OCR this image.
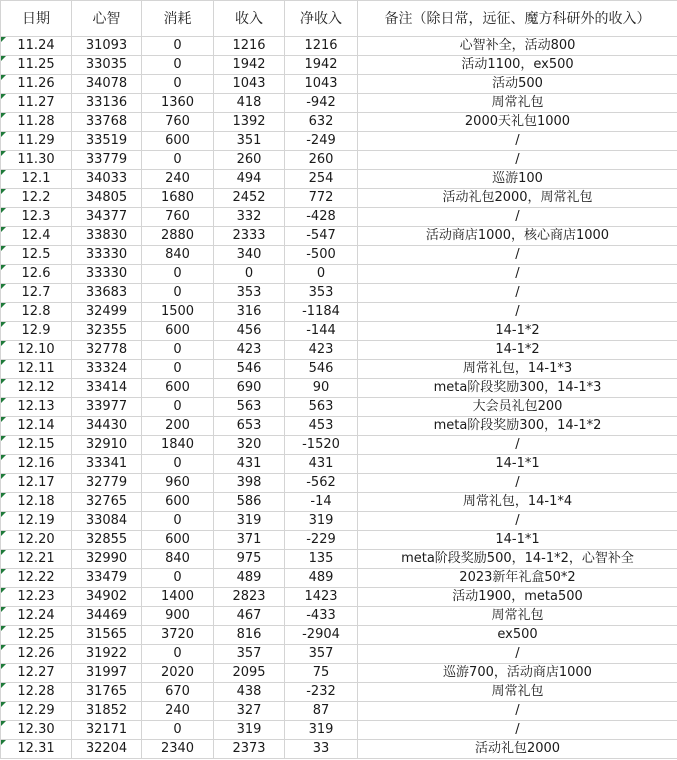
日期	心智	消耗	收入	净收入	备注（除日常，远征、魔方科研外的收入）
11.24	31093	0	1216	1216	心智补全，活动800
11.25	33035	0	1942	1942	活动1100，ex500
11.26	34078	0	1043	1043	活动500
11.27	33136	1360	418	-942	周常礼包
11.28	33768	760	1392	632	2000天礼包1000
11.29	33519	600	351	-249	/
11.30	33779	0	260	260	/
12.1	34033	240	494	254	巡游100
12.2	34805	1680	2452	772	活动礼包2000，周常礼包
12.3	34377	760	332	-428	/
12.4	33830	2880	2333	-547	活动商店1000，核心商店1000
12.5	33330	840	340	-500	/
12.6	33330	0	0	0	/
12.7	33683	0	353	353	/
12.8	32499	1500	316	-1184	/
12.9	32355	600	456	-144	14-1*2
12.10	32778	0	423	423	14-1*2
12.11	33324	0	546	546	周常礼包，14-1*3
12.12	33414	600	690	90	meta阶段奖励300，14-1*3
12.13	33977	0	563	563	大会员礼包200
12.14	34430	200	653	453	meta阶段奖励300，14-1*2
12.15	32910	1840	320	-1520	/
12.16	33341	0	431	431	14-1*1
12.17	32779	960	398	-562	/
12.18	32765	600	586	-14	周常礼包，14-1*4
12.19	33084	0	319	319	/
12.20	32855	600	371	-229	14-1*1
12.21	32990	840	975	135	meta阶段奖励500，14-1*2，心智补全
12.22	33479	0	489	489	2023新年礼盒50*2
12.23	34902	1400	2823	1423	活动1900，meta500
12.24	34469	900	467	-433	周常礼包
12.25	31565	3720	816	-2904	ex500
12.26	31922	0	357	357	/
12.27	31997	2020	2095	75	巡游700，活动商店1000
12.28	31765	670	438	-232	周常礼包
12.29	31852	240	327	87	/
12.30	32171	0	319	319	/
12.31	32204	2340	2373	33	活动礼包2000
